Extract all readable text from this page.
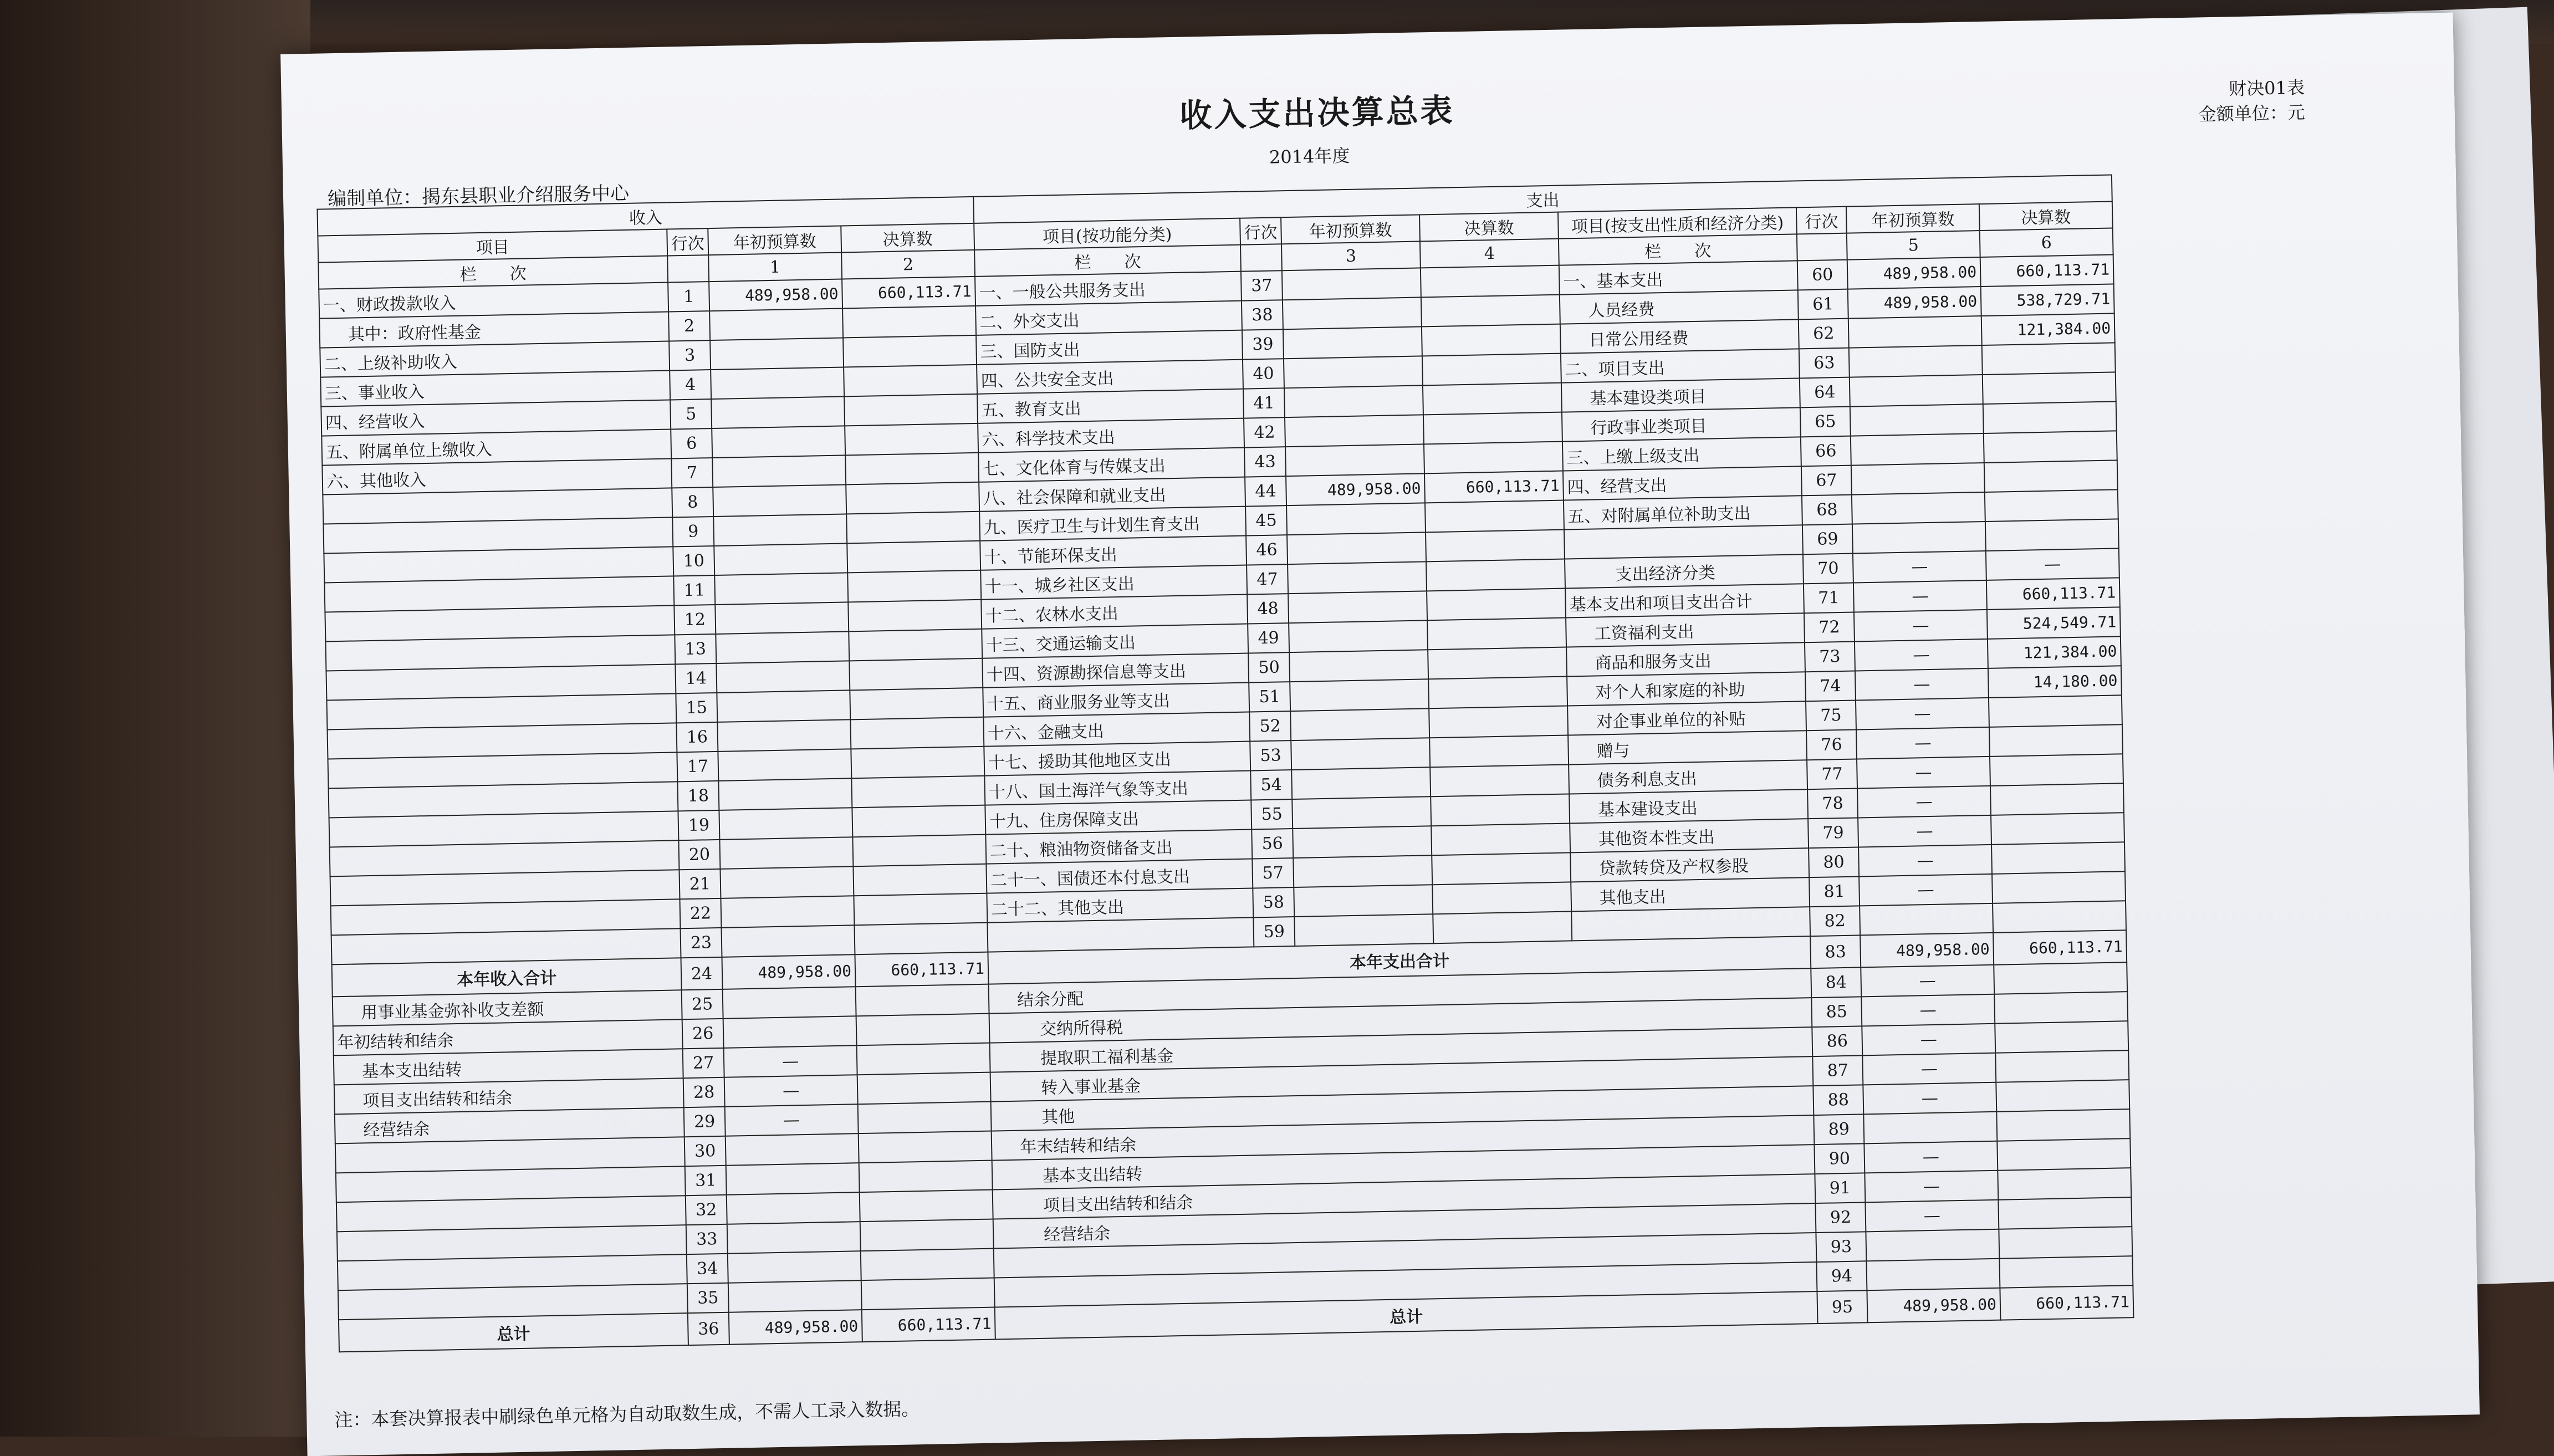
收入支出决算总表
财决01表
金额单位：元
2014年度
编制单位：揭东县职业介绍服务中心
收入				支出							
项目	行次	年初预算数	决算数	项目(按功能分类)	行次	年初预算数	决算数	项目(按支出性质和经济分类)	行次	年初预算数	决算数
栏　　次		1	2	栏　　次		3	4	栏　　次		5	6
一、财政拨款收入	1	489,958.00	660,113.71	一、一般公共服务支出	37			一、基本支出	60	489,958.00	660,113.71
其中：政府性基金	2			二、外交支出	38			人员经费	61	489,958.00	538,729.71
二、上级补助收入	3			三、国防支出	39			日常公用经费	62		121,384.00
三、事业收入	4			四、公共安全支出	40			二、项目支出	63		
四、经营收入	5			五、教育支出	41			基本建设类项目	64		
五、附属单位上缴收入	6			六、科学技术支出	42			行政事业类项目	65		
六、其他收入	7			七、文化体育与传媒支出	43			三、上缴上级支出	66		
	8			八、社会保障和就业支出	44	489,958.00	660,113.71	四、经营支出	67		
	9			九、医疗卫生与计划生育支出	45			五、对附属单位补助支出	68		
	10			十、节能环保支出	46				69		
	11			十一、城乡社区支出	47			支出经济分类	70	—	—
	12			十二、农林水支出	48			基本支出和项目支出合计	71	—	660,113.71
	13			十三、交通运输支出	49			工资福利支出	72	—	524,549.71
	14			十四、资源勘探信息等支出	50			商品和服务支出	73	—	121,384.00
	15			十五、商业服务业等支出	51			对个人和家庭的补助	74	—	14,180.00
	16			十六、金融支出	52			对企事业单位的补贴	75	—	
	17			十七、援助其他地区支出	53			赠与	76	—	
	18			十八、国土海洋气象等支出	54			债务利息支出	77	—	
	19			十九、住房保障支出	55			基本建设支出	78	—	
	20			二十、粮油物资储备支出	56			其他资本性支出	79	—	
	21			二十一、国债还本付息支出	57			贷款转贷及产权参股	80	—	
	22			二十二、其他支出	58			其他支出	81	—	
	23				59				82		
本年收入合计	24	489,958.00	660,113.71	本年支出合计					83	489,958.00	660,113.71
用事业基金弥补收支差额	25			结余分配					84	—	
年初结转和结余	26			交纳所得税					85	—	
基本支出结转	27	—		提取职工福利基金					86	—	
项目支出结转和结余	28	—		转入事业基金					87	—	
经营结余	29	—		其他					88	—	
	30			年末结转和结余					89		
	31			基本支出结转					90	—	
	32			项目支出结转和结余					91	—	
	33			经营结余					92	—	
	34								93		
	35								94		
总计	36	489,958.00	660,113.71	总计					95	489,958.00	660,113.71
注：本套决算报表中刷绿色单元格为自动取数生成，不需人工录入数据。
